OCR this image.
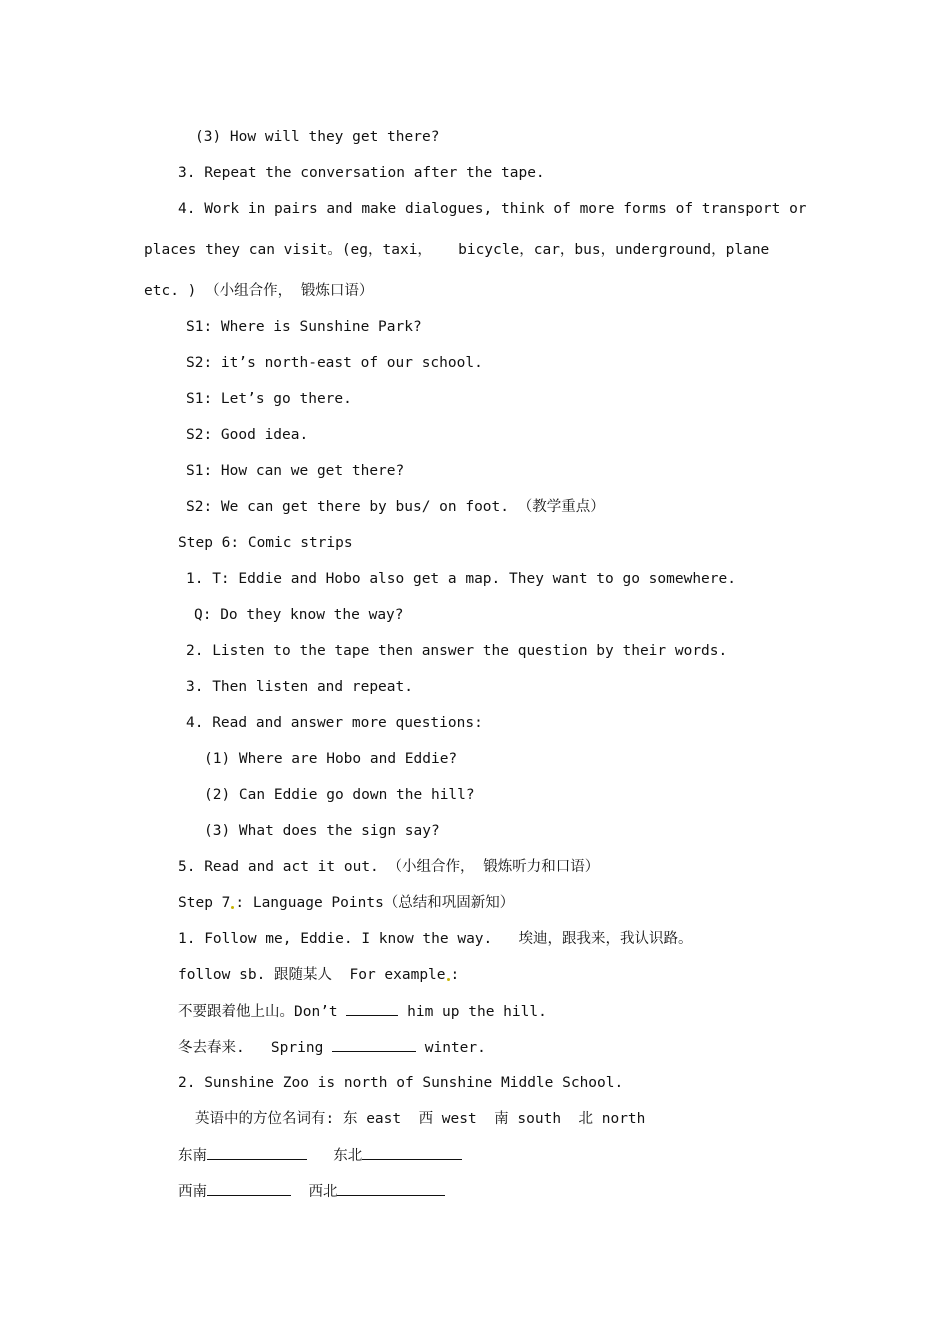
(3) How will they get there?
3. Repeat the conversation after the tape.
4. Work in pairs and make dialogues, think of more forms of transport or
places they can visit。(eg，taxi，   bicycle，car，bus，underground，plane
etc. ) （小组合作， 锻炼口语）
S1: Where is Sunshine Park?
S2: it’s north-east of our school.
S1: Let’s go there.
S2: Good idea.
S1: How can we get there?
S2: We can get there by bus/ on foot. （教学重点）
Step 6: Comic strips
1. T: Eddie and Hobo also get a map. They want to go somewhere.
Q: Do they know the way?
2. Listen to the tape then answer the question by their words.
3. Then listen and repeat.
4. Read and answer more questions:
(1) Where are Hobo and Eddie?
(2) Can Eddie go down the hill?
(3) What does the sign say?
5. Read and act it out. （小组合作， 锻炼听力和口语）
Step 7 : Language Points（总结和巩固新知）
1. Follow me, Eddie. I know the way.   埃迪，跟我来，我认识路。
follow sb. 跟随某人  For example :
不要跟着他上山。Don’t	him up the hill.
冬去春来.   Spring	winter.
2. Sunshine Zoo is north of Sunshine Middle School.
英语中的方位名词有: 东 east  西 west  南 south  北 north
东南	东北
西南	西北
